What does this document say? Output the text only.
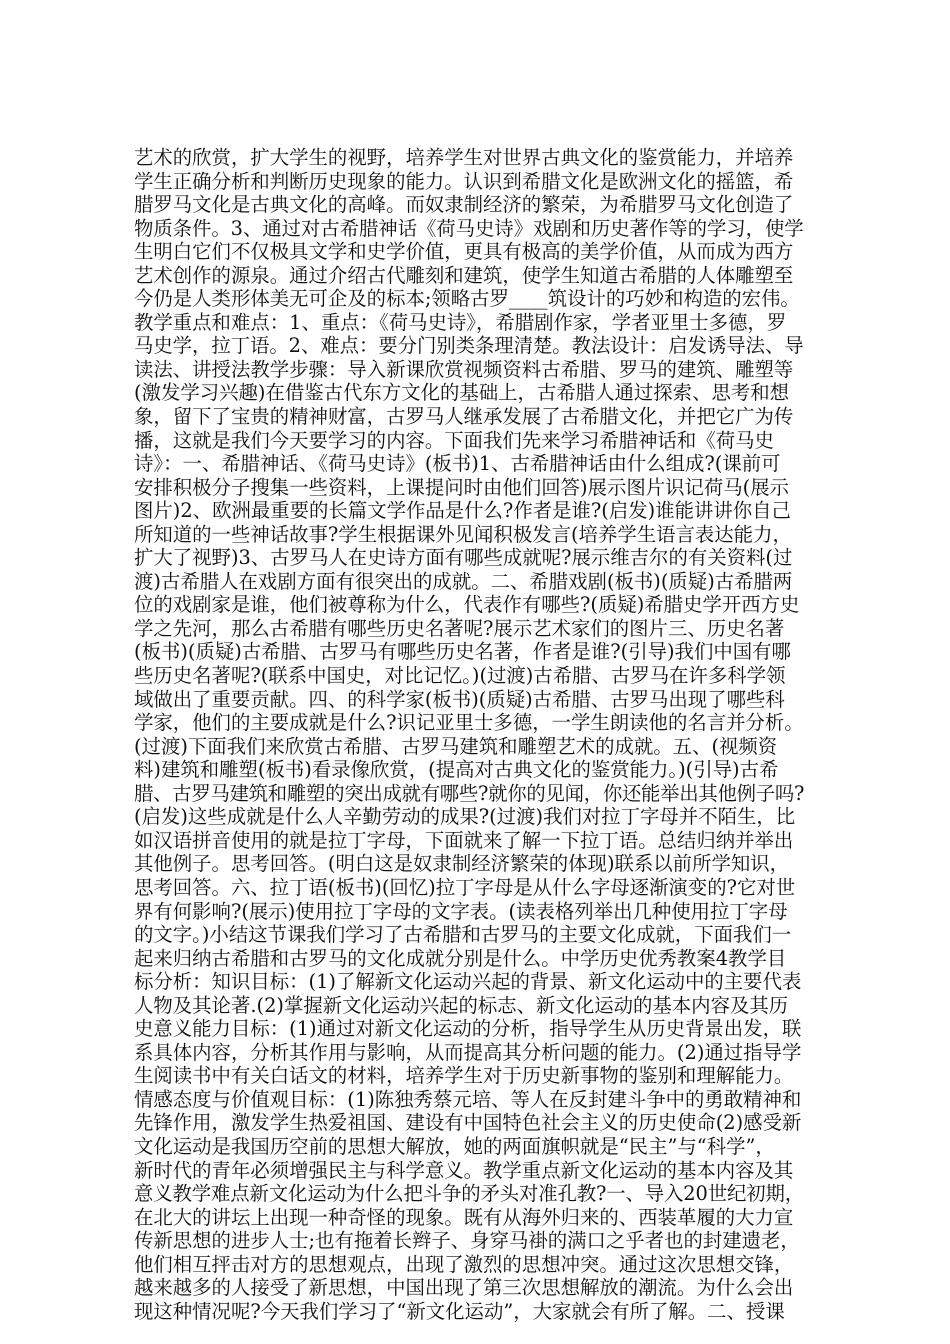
艺术的欣赏，扩大学生的视野，培养学生对世界古典文化的鉴赏能力，并培养
学生正确分析和判断历史现象的能力。认识到希腊文化是欧洲文化的摇篮，希
腊罗马文化是古典文化的高峰。而奴隶制经济的繁荣，为希腊罗马文化创造了
物质条件。3、通过对古希腊神话《荷马史诗》戏剧和历史著作等的学习，使学
生明白它们不仅极具文学和史学价值，更具有极高的美学价值，从而成为西方
艺术创作的源泉。通过介绍古代雕刻和建筑，使学生知道古希腊的人体雕塑至
今仍是人类形体美无可企及的标本;领略古罗____筑设计的巧妙和构造的宏伟。
教学重点和难点：1、重点：《荷马史诗》，希腊剧作家，学者亚里士多德，罗
马史学，拉丁语。2、难点：要分门别类条理清楚。教法设计：启发诱导法、导
读法、讲授法教学步骤：导入新课欣赏视频资料古希腊、罗马的建筑、雕塑等
(激发学习兴趣)在借鉴古代东方文化的基础上，古希腊人通过探索、思考和想
象，留下了宝贵的精神财富，古罗马人继承发展了古希腊文化，并把它广为传
播，这就是我们今天要学习的内容。下面我们先来学习希腊神话和《荷马史
诗》：一、希腊神话、《荷马史诗》(板书)1、古希腊神话由什么组成?(课前可
安排积极分子搜集一些资料，上课提问时由他们回答)展示图片识记荷马(展示
图片)2、欧洲最重要的长篇文学作品是什么?作者是谁?(启发)谁能讲讲你自己
所知道的一些神话故事?学生根据课外见闻积极发言(培养学生语言表达能力，
扩大了视野)3、古罗马人在史诗方面有哪些成就呢?展示维吉尔的有关资料(过
渡)古希腊人在戏剧方面有很突出的成就。二、希腊戏剧(板书)(质疑)古希腊两
位的戏剧家是谁，他们被尊称为什么，代表作有哪些?(质疑)希腊史学开西方史
学之先河，那么古希腊有哪些历史名著呢?展示艺术家们的图片三、历史名著
(板书)(质疑)古希腊、古罗马有哪些历史名著，作者是谁?(引导)我们中国有哪
些历史名著呢?(联系中国史，对比记忆。)(过渡)古希腊、古罗马在许多科学领
域做出了重要贡献。四、的科学家(板书)(质疑)古希腊、古罗马出现了哪些科
学家，他们的主要成就是什么?识记亚里士多德，一学生朗读他的名言并分析。
(过渡)下面我们来欣赏古希腊、古罗马建筑和雕塑艺术的成就。五、(视频资
料)建筑和雕塑(板书)看录像欣赏，(提高对古典文化的鉴赏能力。)(引导)古希
腊、古罗马建筑和雕塑的突出成就有哪些?就你的见闻，你还能举出其他例子吗?
(启发)这些成就是什么人辛勤劳动的成果?(过渡)我们对拉丁字母并不陌生，比
如汉语拼音使用的就是拉丁字母，下面就来了解一下拉丁语。总结归纳并举出
其他例子。思考回答。(明白这是奴隶制经济繁荣的体现)联系以前所学知识，
思考回答。六、拉丁语(板书)(回忆)拉丁字母是从什么字母逐渐演变的?它对世
界有何影响?(展示)使用拉丁字母的文字表。(读表格列举出几种使用拉丁字母
的文字。)小结这节课我们学习了古希腊和古罗马的主要文化成就，下面我们一
起来归纳古希腊和古罗马的文化成就分别是什么。中学历史优秀教案4教学目
标分析：知识目标：(1)了解新文化运动兴起的背景、新文化运动中的主要代表
人物及其论著.(2)掌握新文化运动兴起的标志、新文化运动的基本内容及其历
史意义能力目标：(1)通过对新文化运动的分析，指导学生从历史背景出发，联
系具体内容，分析其作用与影响，从而提高其分析问题的能力。(2)通过指导学
生阅读书中有关白话文的材料，培养学生对于历史新事物的鉴别和理解能力。
情感态度与价值观目标：(1)陈独秀蔡元培、等人在反封建斗争中的勇敢精神和
先锋作用，激发学生热爱祖国、建设有中国特色社会主义的历史使命(2)感受新
文化运动是我国历空前的思想大解放，她的两面旗帜就是“民主”与“科学”，
新时代的青年必须增强民主与科学意义。教学重点新文化运动的基本内容及其
意义教学难点新文化运动为什么把斗争的矛头对准孔教?一、导入20世纪初期，
在北大的讲坛上出现一种奇怪的现象。既有从海外归来的、西装革履的大力宣
传新思想的进步人士;也有拖着长辫子、身穿马褂的满口之乎者也的封建遗老，
他们相互抨击对方的思想观点，出现了激烈的思想冲突。通过这次思想交锋，
越来越多的人接受了新思想，中国出现了第三次思想解放的潮流。为什么会出
现这种情况呢?今天我们学习了“新文化运动”，大家就会有所了解。二、授课
